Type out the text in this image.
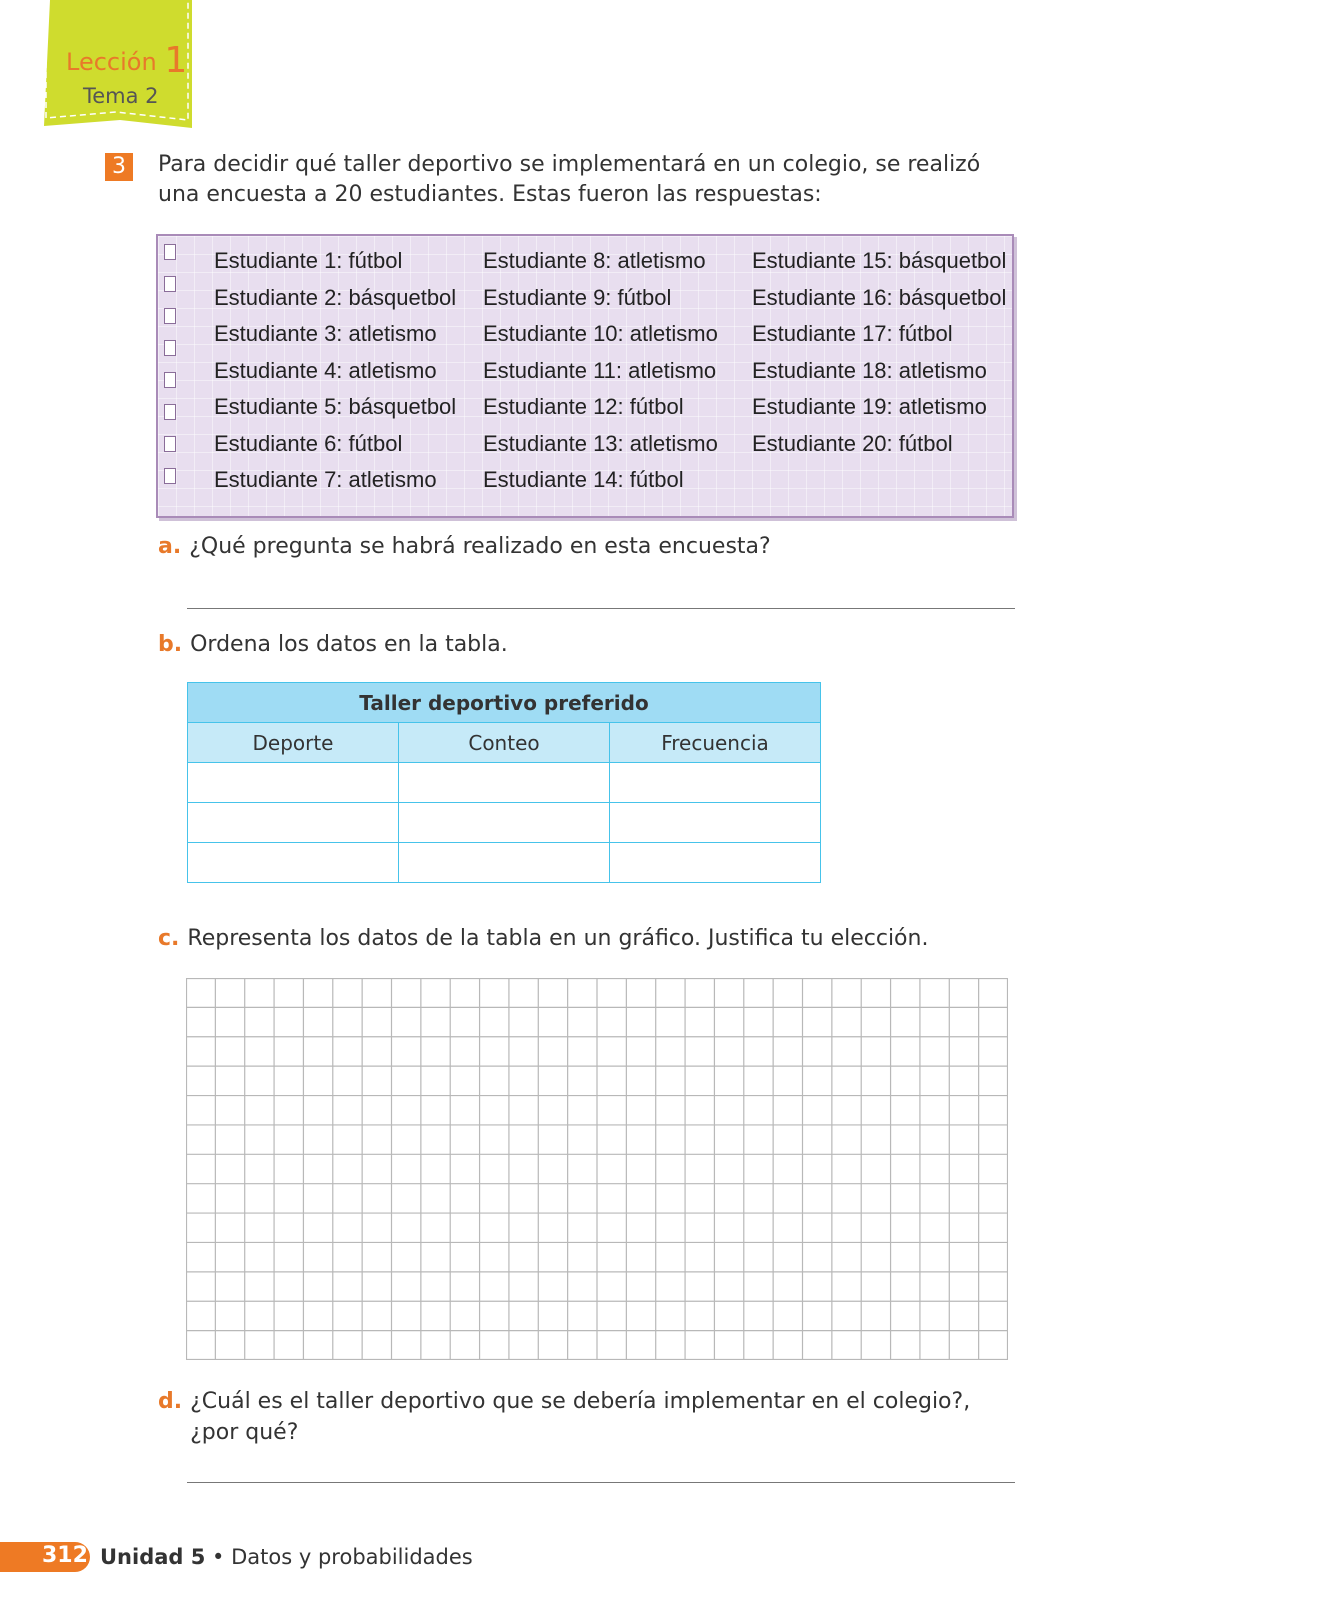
Lección 1
Tema 2
3	Para decidir qué taller deportivo se implementará en un colegio, se realizó una encuesta a 20 estudiantes. Estas fueron las respuestas:

Estudiante 1: fútbol
Estudiante 2: básquetbol
Estudiante 3: atletismo
Estudiante 4: atletismo
Estudiante 5: básquetbol
Estudiante 6: fútbol
Estudiante 7: atletismo
Estudiante 8: atletismo
Estudiante 9: fútbol
Estudiante 10: atletismo
Estudiante 11: atletismo
Estudiante 12: fútbol
Estudiante 13: atletismo
Estudiante 14: fútbol
Estudiante 15: básquetbol
Estudiante 16: básquetbol
Estudiante 17: fútbol
Estudiante 18: atletismo
Estudiante 19: atletismo
Estudiante 20: fútbol

a. ¿Qué pregunta se habrá realizado en esta encuesta?

b. Ordena los datos en la tabla.

Taller deportivo preferido		
Deporte	Conteo	Frecuencia

c. Representa los datos de la tabla en un gráfico. Justifica tu elección.

d. ¿Cuál es el taller deportivo que se debería implementar en el colegio?, ¿por qué?
312 Unidad 5 • Datos y probabilidades
